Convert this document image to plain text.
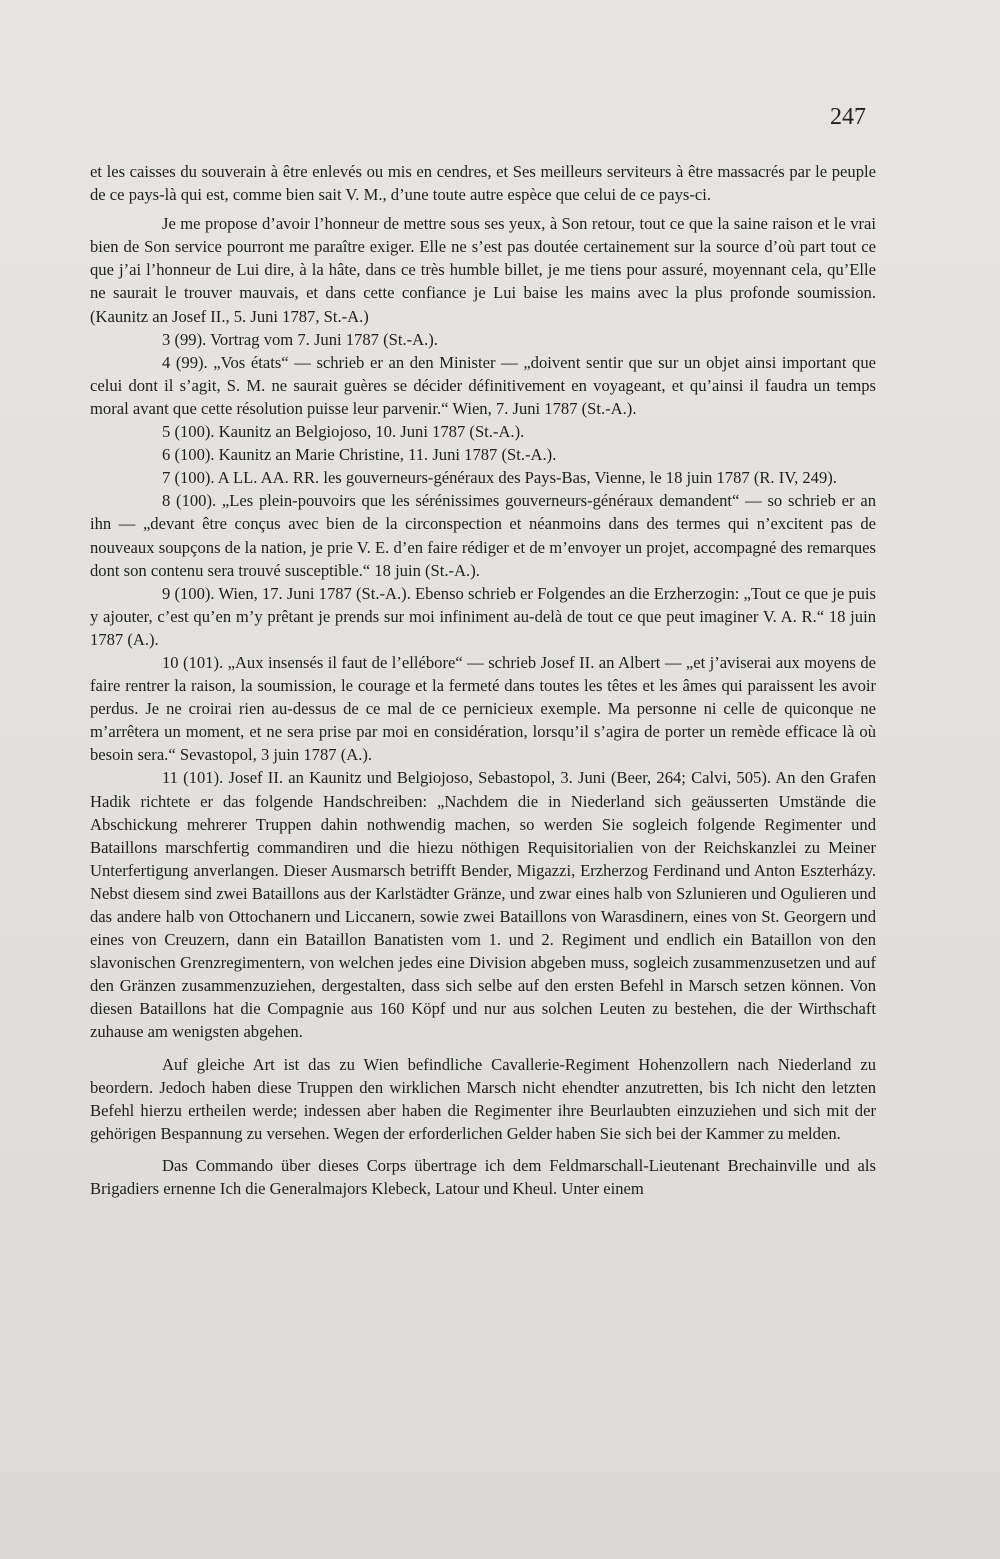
247

et les caisses du souverain à être enlevés ou mis en cendres, et Ses meilleurs serviteurs à être massacrés par le peuple de ce pays-là qui est, comme bien sait V. M., d’une toute autre espèce que celui de ce pays-ci.

Je me propose d’avoir l’honneur de mettre sous ses yeux, à Son retour, tout ce que la saine raison et le vrai bien de Son service pourront me paraître exiger. Elle ne s’est pas doutée certainement sur la source d’où part tout ce que j’ai l’honneur de Lui dire, à la hâte, dans ce très humble billet, je me tiens pour assuré, moyennant cela, qu’Elle ne saurait le trouver mauvais, et dans cette confiance je Lui baise les mains avec la plus profonde soumission. (Kaunitz an Josef II., 5. Juni 1787, St.-A.)

3 (99). Vortrag vom 7. Juni 1787 (St.-A.).

4 (99). „Vos états“ — schrieb er an den Minister — „doivent sentir que sur un objet ainsi important que celui dont il s’agit, S. M. ne saurait guères se décider définitivement en voyageant, et qu’ainsi il faudra un temps moral avant que cette résolution puisse leur parvenir.“ Wien, 7. Juni 1787 (St.-A.).

5 (100). Kaunitz an Belgiojoso, 10. Juni 1787 (St.-A.).

6 (100). Kaunitz an Marie Christine, 11. Juni 1787 (St.-A.).

7 (100). A LL. AA. RR. les gouverneurs-généraux des Pays-Bas, Vienne, le 18 juin 1787 (R. IV, 249).

8 (100). „Les plein-pouvoirs que les sérénissimes gouverneurs-généraux demandent“ — so schrieb er an ihn — „devant être conçus avec bien de la circonspection et néanmoins dans des termes qui n’excitent pas de nouveaux soupçons de la nation, je prie V. E. d’en faire rédiger et de m’envoyer un projet, accompagné des remarques dont son contenu sera trouvé susceptible.“ 18 juin (St.-A.).

9 (100). Wien, 17. Juni 1787 (St.-A.). Ebenso schrieb er Folgendes an die Erzherzogin: „Tout ce que je puis y ajouter, c’est qu’en m’y prêtant je prends sur moi infiniment au-delà de tout ce que peut imaginer V. A. R.“ 18 juin 1787 (A.).

10 (101). „Aux insensés il faut de l’ellébore“ — schrieb Josef II. an Albert — „et j’aviserai aux moyens de faire rentrer la raison, la soumission, le courage et la fermeté dans toutes les têtes et les âmes qui paraissent les avoir perdus. Je ne croirai rien au-dessus de ce mal de ce pernicieux exemple. Ma personne ni celle de quiconque ne m’arrêtera un moment, et ne sera prise par moi en considération, lorsqu’il s’agira de porter un remède efficace là où besoin sera.“ Sevastopol, 3 juin 1787 (A.).

11 (101). Josef II. an Kaunitz und Belgiojoso, Sebastopol, 3. Juni (Beer, 264; Calvi, 505). An den Grafen Hadik richtete er das folgende Handschreiben: „Nachdem die in Niederland sich geäusserten Umstände die Abschickung mehrerer Truppen dahin nothwendig machen, so werden Sie sogleich folgende Regimenter und Bataillons marschfertig commandiren und die hiezu nöthigen Requisitorialien von der Reichskanzlei zu Meiner Unterfertigung anverlangen. Dieser Ausmarsch betrifft Bender, Migazzi, Erzherzog Ferdinand und Anton Eszterházy. Nebst diesem sind zwei Bataillons aus der Karlstädter Gränze, und zwar eines halb von Szlunieren und Ogulieren und das andere halb von Ottochanern und Liccanern, sowie zwei Bataillons von Warasdinern, eines von St. Georgern und eines von Creuzern, dann ein Bataillon Banatisten vom 1. und 2. Regiment und endlich ein Bataillon von den slavonischen Grenzregimentern, von welchen jedes eine Division abgeben muss, sogleich zusammenzusetzen und auf den Gränzen zusammenzuziehen, dergestalten, dass sich selbe auf den ersten Befehl in Marsch setzen können. Von diesen Bataillons hat die Compagnie aus 160 Köpf und nur aus solchen Leuten zu bestehen, die der Wirthschaft zuhause am wenigsten abgehen.

Auf gleiche Art ist das zu Wien befindliche Cavallerie-Regiment Hohenzollern nach Niederland zu beordern. Jedoch haben diese Truppen den wirklichen Marsch nicht ehendter anzutretten, bis Ich nicht den letzten Befehl hierzu ertheilen werde; indessen aber haben die Regimenter ihre Beurlaubten einzuziehen und sich mit der gehörigen Bespannung zu versehen. Wegen der erforderlichen Gelder haben Sie sich bei der Kammer zu melden.

Das Commando über dieses Corps übertrage ich dem Feldmarschall-Lieutenant Brechainville und als Brigadiers ernenne Ich die Generalmajors Klebeck, Latour und Kheul. Unter einem
